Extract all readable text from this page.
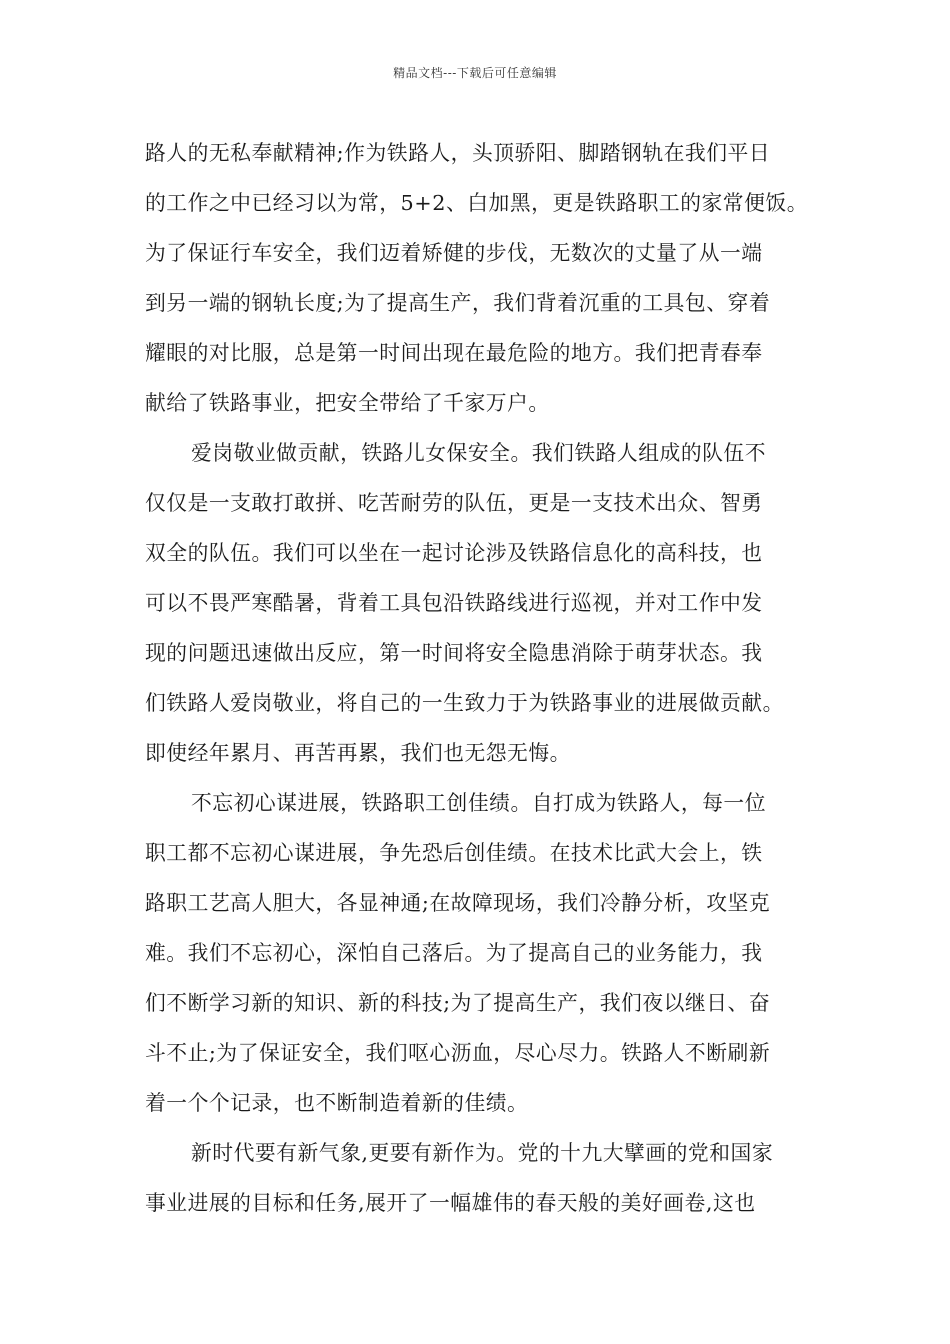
精品文档---下载后可任意编辑
路人的无私奉献精神;作为铁路人，头顶骄阳、脚踏钢轨在我们平日
的工作之中已经习以为常，5+2、白加黑，更是铁路职工的家常便饭。
为了保证行车安全，我们迈着矫健的步伐，无数次的丈量了从一端
到另一端的钢轨长度;为了提高生产，我们背着沉重的工具包、穿着
耀眼的对比服，总是第一时间出现在最危险的地方。我们把青春奉
献给了铁路事业，把安全带给了千家万户。
爱岗敬业做贡献，铁路儿女保安全。我们铁路人组成的队伍不
仅仅是一支敢打敢拼、吃苦耐劳的队伍，更是一支技术出众、智勇
双全的队伍。我们可以坐在一起讨论涉及铁路信息化的高科技，也
可以不畏严寒酷暑，背着工具包沿铁路线进行巡视，并对工作中发
现的问题迅速做出反应，第一时间将安全隐患消除于萌芽状态。我
们铁路人爱岗敬业，将自己的一生致力于为铁路事业的进展做贡献。
即使经年累月、再苦再累，我们也无怨无悔。
不忘初心谋进展，铁路职工创佳绩。自打成为铁路人，每一位
职工都不忘初心谋进展，争先恐后创佳绩。在技术比武大会上，铁
路职工艺高人胆大，各显神通;在故障现场，我们冷静分析，攻坚克
难。我们不忘初心，深怕自己落后。为了提高自己的业务能力，我
们不断学习新的知识、新的科技;为了提高生产，我们夜以继日、奋
斗不止;为了保证安全，我们呕心沥血，尽心尽力。铁路人不断刷新
着一个个记录，也不断制造着新的佳绩。
新时代要有新气象,更要有新作为。党的十九大擘画的党和国家
事业进展的目标和任务,展开了一幅雄伟的春天般的美好画卷,这也
